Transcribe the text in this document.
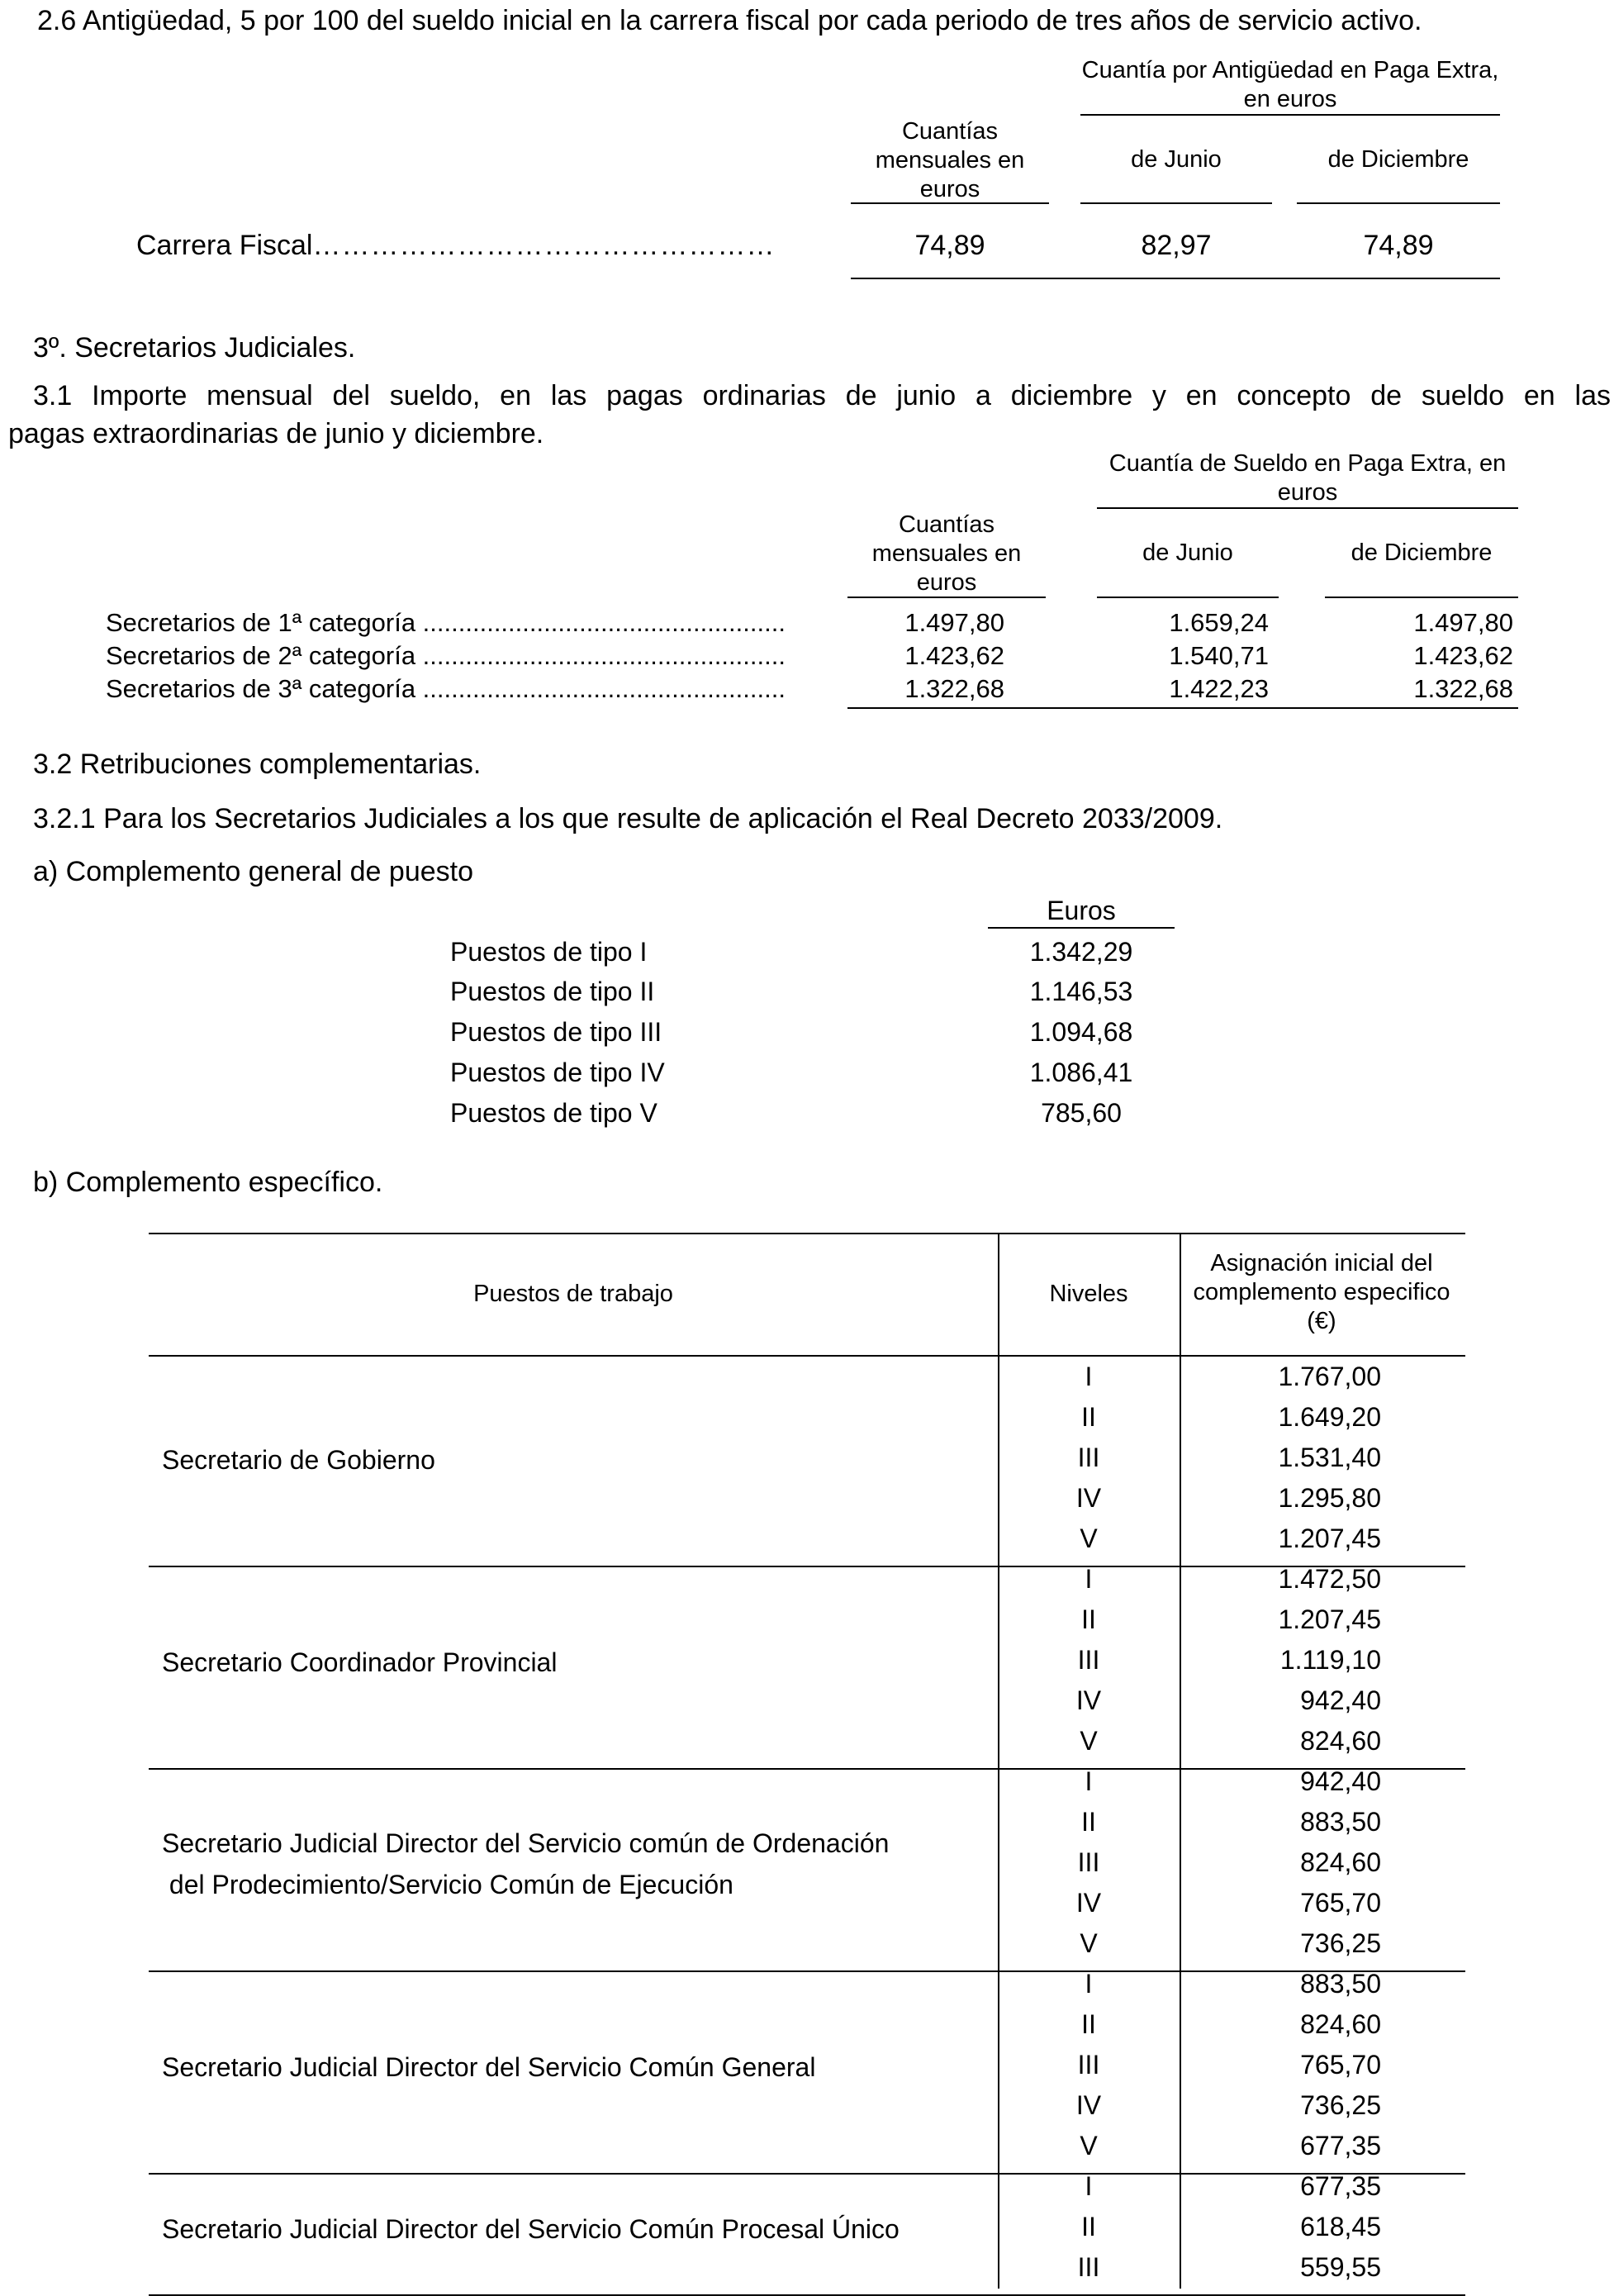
2.6 Antigüedad, 5 por 100 del sueldo inicial en la carrera fiscal por cada periodo de tres años de servicio activo.
Cuantía por Antigüedad en Paga Extra, en euros
Cuantías mensuales en euros
de Junio	de Diciembre
Carrera Fiscal…………………………………………	74,89	82,97	74,89
3º. Secretarios Judiciales.
3.1 Importe mensual del sueldo, en las pagas ordinarias de junio a diciembre y en concepto de sueldo en las
pagas extraordinarias de junio y diciembre.
Cuantía de Sueldo en Paga Extra, en euros
Cuantías mensuales en euros
de Junio	de Diciembre
Secretarios de 1ª categoría ...................................................	1.497,80	1.659,24	1.497,80
Secretarios de 2ª categoría ...................................................	1.423,62	1.540,71	1.423,62
Secretarios de 3ª categoría ...................................................	1.322,68	1.422,23	1.322,68
3.2 Retribuciones complementarias.
3.2.1 Para los Secretarios Judiciales a los que resulte de aplicación el Real Decreto 2033/2009.
a) Complemento general de puesto
Euros
Puestos de tipo I	1.342,29
Puestos de tipo II	1.146,53
Puestos de tipo III	1.094,68
Puestos de tipo IV	1.086,41
Puestos de tipo V	785,60
b) Complemento específico.
Puestos de trabajo	Niveles
Asignación inicial del complemento especifico (€)
Secretario de Gobierno
I	1.767,00
II	1.649,20
III	1.531,40
IV	1.295,80
V	1.207,45
Secretario Coordinador Provincial
I	1.472,50
II	1.207,45
III	1.119,10
IV	942,40
V	824,60
Secretario Judicial Director del Servicio común de Ordenación
del Prodecimiento/Servicio Común de Ejecución
I	942,40
II	883,50
III	824,60
IV	765,70
V	736,25
Secretario Judicial Director del Servicio Común General
I	883,50
II	824,60
III	765,70
IV	736,25
V	677,35
Secretario Judicial Director del Servicio Común Procesal Único
I	677,35
II	618,45
III	559,55
